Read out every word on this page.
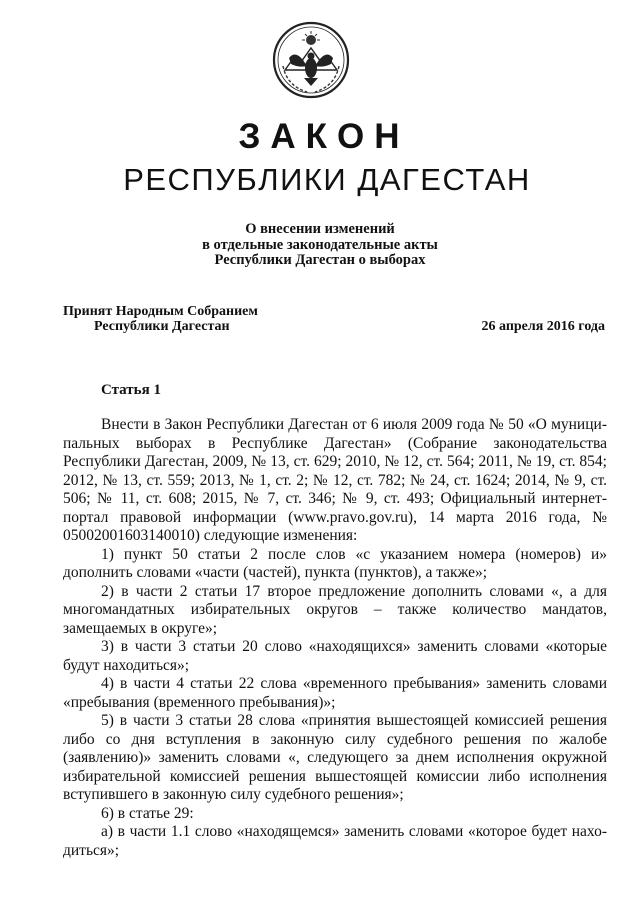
ЗАКОН
РЕСПУБЛИКИ ДАГЕСТАН
О внесении изменений
в отдельные законодательные акты
Республики Дагестан о выборах
Принят Народным Собранием
Республики Дагестан	26 апреля 2016 года
Статья 1

Внести в Закон Республики Дагестан от 6 июля 2009 года № 50 «О муниципальных выборах в Республике Дагестан» (Собрание законодательства Республики Дагестан, 2009, № 13, ст. 629; 2010, № 12, ст. 564; 2011, № 19, ст. 854; 2012, № 13, ст. 559; 2013, № 1, ст. 2; № 12, ст. 782; № 24, ст. 1624; 2014, № 9, ст. 506; № 11, ст. 608; 2015, № 7, ст. 346; № 9, ст. 493; Официальный интернет-портал правовой информации (www.pravo.gov.ru), 14 марта 2016 года, № 05002001603140010) следующие изменения:

1) пункт 50 статьи 2 после слов «с указанием номера (номеров) и» дополнить словами «части (частей), пункта (пунктов), а также»;

2) в части 2 статьи 17 второе предложение дополнить словами «, а для многомандатных избирательных округов – также количество мандатов, замещаемых в округе»;

3) в части 3 статьи 20 слово «находящихся» заменить словами «которые будут находиться»;

4) в части 4 статьи 22 слова «временного пребывания» заменить словами «пребывания (временного пребывания)»;

5) в части 3 статьи 28 слова «принятия вышестоящей комиссией решения либо со дня вступления в законную силу судебного решения по жалобе (заявлению)» заменить словами «, следующего за днем исполнения окружной избирательной комиссией решения вышестоящей комиссии либо исполнения вступившего в законную силу судебного решения»;

6) в статье 29:

а) в части 1.1 слово «находящемся» заменить словами «которое будет находиться»;
